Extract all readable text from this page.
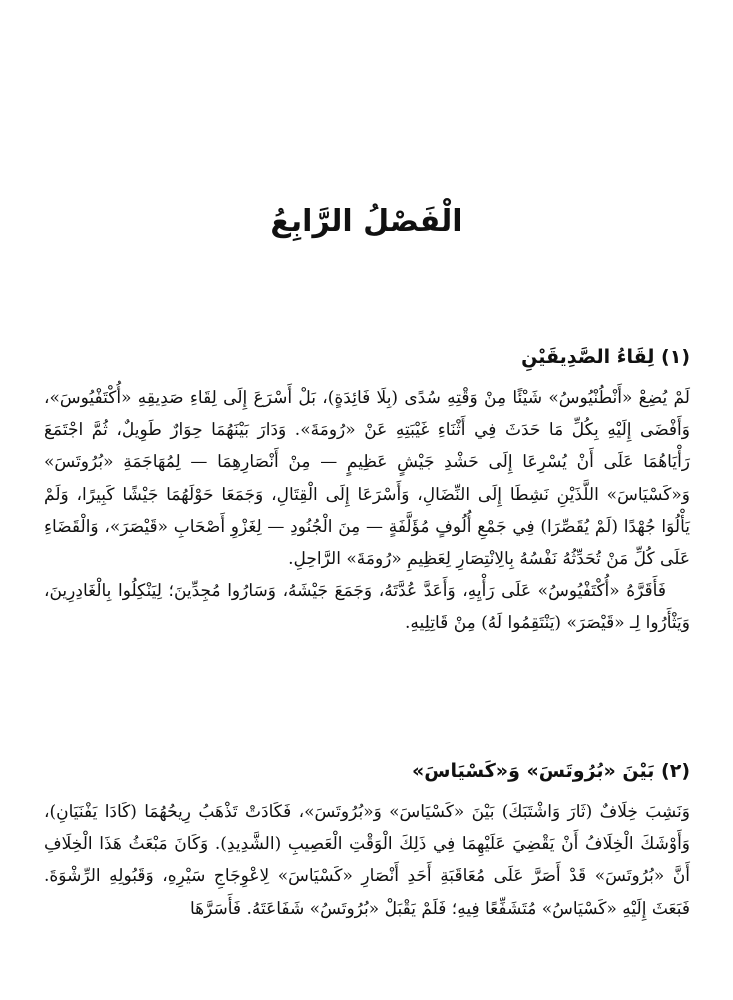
الْفَصْلُ الرَّابِعُ
(١) لِقَاءُ الصَّدِيقَيْنِ

لَمْ يُضِعْ «أَنْطُنْيُوسُ» شَيْئًا مِنْ وَقْتِهِ سُدًى (بِلَا فَائِدَةٍ)، بَلْ أَسْرَعَ إِلَى لِقَاءِ صَدِيقِهِ «أُكْتَفْيُوسَ»، وَأَفْضَى إِلَيْهِ بِكُلِّ مَا حَدَثَ فِي أَثْنَاءِ غَيْبَتِهِ عَنْ «رُومَةَ». وَدَارَ بَيْنَهُمَا حِوَارٌ طَوِيلٌ، ثُمَّ اجْتَمَعَ رَأْيَاهُمَا عَلَى أَنْ يُسْرِعَا إِلَى حَشْدِ جَيْشٍ عَظِيمٍ — مِنْ أَنْصَارِهِمَا — لِمُهَاجَمَةِ «بُرُوتَسَ» وَ«كَسْيَاسَ» اللَّذَيْنِ نَشِطَا إِلَى النِّضَالِ، وَأَسْرَعَا إِلَى الْقِتَالِ، وَجَمَعَا حَوْلَهُمَا جَيْشًا كَبِيرًا، وَلَمْ يَأْلُوَا جُهْدًا (لَمْ يُقَصِّرَا) فِي جَمْعِ أُلُوفٍ مُؤَلَّفَةٍ — مِنَ الْجُنُودِ — لِغَزْوِ أَصْحَابِ «قَيْصَرَ»، وَالْقَضَاءِ عَلَى كُلِّ مَنْ تُحَدِّثُهُ نَفْسُهُ بِالِانْتِصَارِ لِعَظِيمِ «رُومَةَ» الرَّاحِلِ.

فَأَقَرَّهُ «أُكْتَفْيُوسُ» عَلَى رَأْيِهِ، وَأَعَدَّ عُدَّتَهُ، وَجَمَعَ جَيْشَهُ، وَسَارُوا مُجِدِّينَ؛ لِيَنْكِلُوا بِالْغَادِرِينَ، وَيَثْأَرُوا لِـ «قَيْصَرَ» (يَنْتَقِمُوا لَهُ) مِنْ قَاتِلِيهِ.

(٢) بَيْنَ «بُرُوتَسَ» وَ«كَسْيَاسَ»

وَنَشِبَ خِلَافٌ (ثَارَ وَاشْتَبَكَ) بَيْنَ «كَسْيَاسَ» وَ«بُرُوتَسَ»، فَكَادَتْ تَذْهَبُ رِيحُهُمَا (كَادَا يَفْنَيَانِ)، وَأَوْشَكَ الْخِلَافُ أَنْ يَقْضِيَ عَلَيْهِمَا فِي ذَلِكَ الْوَقْتِ الْعَصِيبِ (الشَّدِيدِ). وَكَانَ مَبْعَثُ هَذَا الْخِلَافِ أَنَّ «بُرُوتَسَ» قَدْ أَصَرَّ عَلَى مُعَاقَبَةِ أَحَدِ أَنْصَارِ «كَسْيَاسَ» لِاعْوِجَاجِ سَيْرِهِ، وَقَبُولِهِ الرِّشْوَةَ. فَبَعَثَ إِلَيْهِ «كَسْيَاسُ» مُتَشَفِّعًا فِيهِ؛ فَلَمْ يَقْبَلْ «بُرُوتَسُ» شَفَاعَتَهُ. فَأَسَرَّهَا
